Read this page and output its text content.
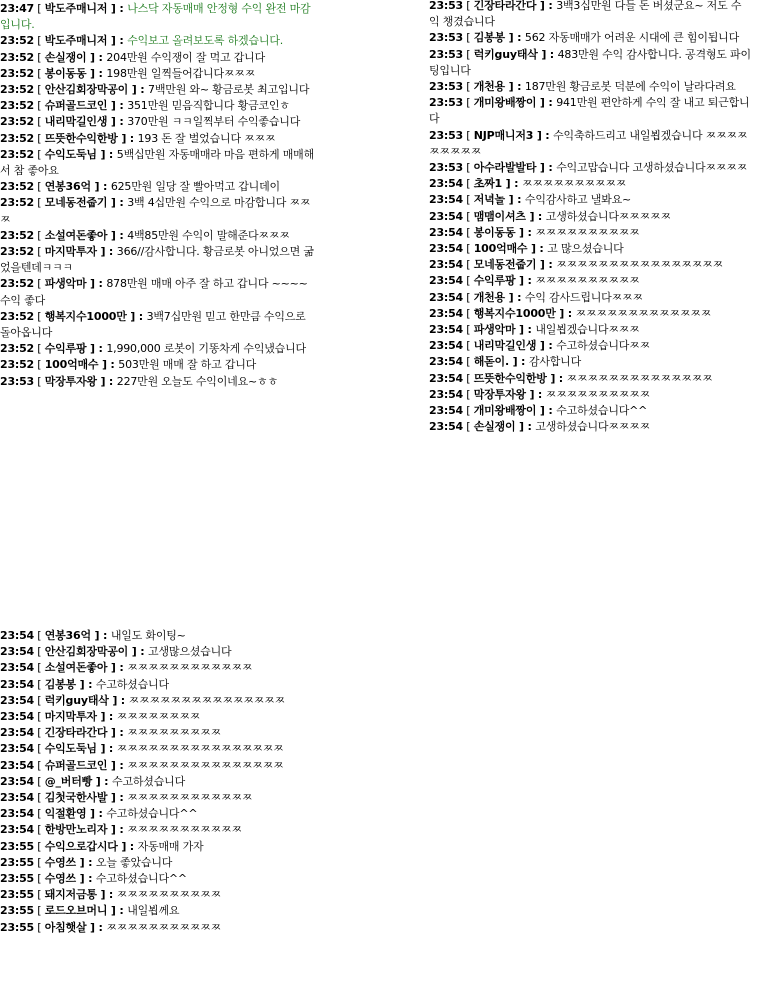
23:47 [ 박도주매니저 ] : 나스닥 자동매매 안정형 수익 완전 마감입니다.

23:52 [ 박도주매니저 ] : 수익보고 올려보도록 하겠습니다.

23:52 [ 손실쟁이 ] : 204만원 수익쟁이 잘 먹고 갑니다

23:52 [ 봉이동동 ] : 198만원 일찍들어갑니다ㅉㅉㅉ

23:52 [ 안산김회장막공이 ] : 7백만원 와~ 황금로봇 최고입니다

23:52 [ 슈퍼골드코인 ] : 351만원 믿음직합니다 황금코인ㅎ

23:52 [ 내리막길인생 ] : 370만원 ㅋㅋ일찍부터 수익좋습니다

23:52 [ 뜨뜻한수익한방 ] : 193 돈 잘 벌었습니다 ㅉㅉㅉ

23:52 [ 수익도둑님 ] : 5백십만원 자동매매라 마음 편하게 매매해서 참 좋아요

23:52 [ 연봉36억 ] : 625만원 일당 잘 빨아먹고 갑니데이

23:52 [ 모네동전줍기 ] : 3백 4십만원 수익으로 마감합니다 ㅉㅉㅉ

23:52 [ 소설여돈좋아 ] : 4백85만원 수익이 말해준다ㅉㅉㅉ

23:52 [ 마지막투자 ] : 366//감사합니다. 황금로봇 아니었으면 굶었을텐데ㅋㅋㅋ

23:52 [ 파생악마 ] : 878만원 매매 아주 잘 하고 갑니다 ~~~~ 수익 좋다

23:52 [ 행복지수1000만 ] : 3백7십만원 믿고 한만큼 수익으로 돌아옵니다

23:52 [ 수익루팡 ] : 1,990,000 로봇이 기똥차게 수익냈습니다

23:52 [ 100억매수 ] : 503만원 매매 잘 하고 갑니다

23:53 [ 막장투자왕 ] : 227만원 오늘도 수익이네요~ㅎㅎ

23:53 [ 긴장타라간다 ] : 3백3십만원 다들 돈 버셨군요~ 저도 수익 챙겼습니다

23:53 [ 김봉봉 ] : 562 자동매매가 어려운 시대에 큰 힘이됩니다

23:53 [ 럭키guy태삭 ] : 483만원 수익 감사합니다. 공격형도 파이팅입니다

23:53 [ 개천용 ] : 187만원 황금로봇 덕분에 수익이 날라다려요

23:53 [ 개미왕배짱이 ] : 941만원 편안하게 수익 잘 내고 퇴근합니다

23:53 [ NJP매니저3 ] : 수익축하드리고 내일뵙겠습니다 ㅉㅉㅉㅉㅉㅉㅉㅉㅉ

23:53 [ 아수라발발타 ] : 수익고맙습니다 고생하셨습니다ㅉㅉㅉㅉ

23:54 [ 초짜1 ] : ㅉㅉㅉㅉㅉㅉㅉㅉㅉㅉ

23:54 [ 저녁놀 ] : 수익감사하고 낼봐요~

23:54 [ 맴맴이셔츠 ] : 고생하셨습니다ㅉㅉㅉㅉㅉ

23:54 [ 봉이동동 ] : ㅉㅉㅉㅉㅉㅉㅉㅉㅉㅉ

23:54 [ 100억매수 ] : 고 많으셨습니다

23:54 [ 모네동전줍기 ] : ㅉㅉㅉㅉㅉㅉㅉㅉㅉㅉㅉㅉㅉㅉㅉㅉ

23:54 [ 수익루팡 ] : ㅉㅉㅉㅉㅉㅉㅉㅉㅉㅉ

23:54 [ 개천용 ] : 수익 감사드립니다ㅉㅉㅉ

23:54 [ 행복지수1000만 ] : ㅉㅉㅉㅉㅉㅉㅉㅉㅉㅉㅉㅉㅉ

23:54 [ 파생악마 ] : 내일뵙겠습니다ㅉㅉㅉ

23:54 [ 내리막길인생 ] : 수고하셨습니다ㅉㅉ

23:54 [ 해돋이. ] : 감사합니다

23:54 [ 뜨뜻한수익한방 ] : ㅉㅉㅉㅉㅉㅉㅉㅉㅉㅉㅉㅉㅉㅉ

23:54 [ 막장투자왕 ] : ㅉㅉㅉㅉㅉㅉㅉㅉㅉㅉ

23:54 [ 개미왕배짱이 ] : 수고하셨습니다^^

23:54 [ 손실쟁이 ] : 고생하셨습니다ㅉㅉㅉㅉ

23:54 [ 연봉36억 ] : 내일도 화이팅~

23:54 [ 안산김회장막공이 ] : 고생많으셨습니다

23:54 [ 소설여돈좋아 ] : ㅉㅉㅉㅉㅉㅉㅉㅉㅉㅉㅉㅉ

23:54 [ 김봉봉 ] : 수고하셨습니다

23:54 [ 럭키guy태삭 ] : ㅉㅉㅉㅉㅉㅉㅉㅉㅉㅉㅉㅉㅉㅉㅉ

23:54 [ 마지막투자 ] : ㅉㅉㅉㅉㅉㅉㅉㅉ

23:54 [ 긴장타라간다 ] : ㅉㅉㅉㅉㅉㅉㅉㅉㅉ

23:54 [ 수익도둑님 ] : ㅉㅉㅉㅉㅉㅉㅉㅉㅉㅉㅉㅉㅉㅉㅉㅉ

23:54 [ 슈퍼골드코인 ] : ㅉㅉㅉㅉㅉㅉㅉㅉㅉㅉㅉㅉㅉㅉㅉ

23:54 [ @_버터빵 ] : 수고하셨습니다

23:54 [ 김첫국한사발 ] : ㅉㅉㅉㅉㅉㅉㅉㅉㅉㅉㅉㅉ

23:54 [ 익절환영 ] : 수고하셨습니다^^

23:54 [ 한방만노리자 ] : ㅉㅉㅉㅉㅉㅉㅉㅉㅉㅉㅉ

23:55 [ 수익으로갑시다 ] : 자동매매 가자

23:55 [ 수영쓰 ] : 오늘 좋았습니다

23:55 [ 수영쓰 ] : 수고하셨습니다^^

23:55 [ 돼지저금통 ] : ㅉㅉㅉㅉㅉㅉㅉㅉㅉㅉ

23:55 [ 로드오브머니 ] : 내일뵙께요

23:55 [ 아침햇살 ] : ㅉㅉㅉㅉㅉㅉㅉㅉㅉㅉㅉ
